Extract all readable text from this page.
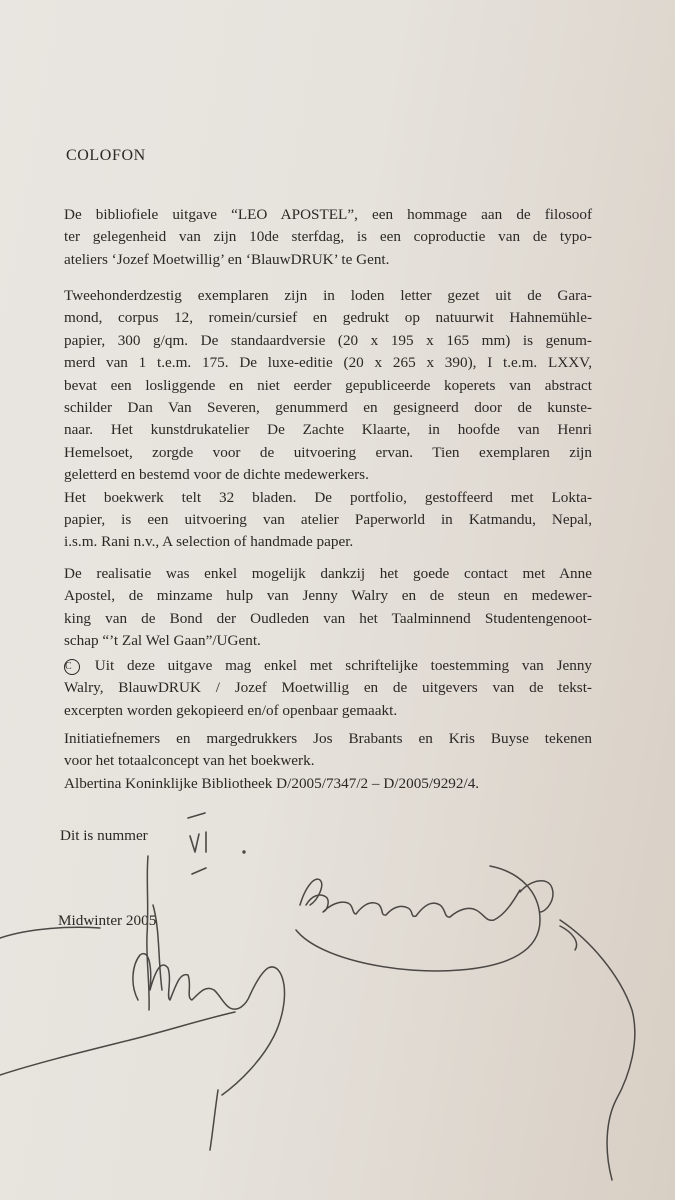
COLOFON
De bibliofiele uitgave “LEO APOSTEL”, een hommage aan de filosoof
ter gelegenheid van zijn 10de sterfdag, is een coproductie van de typo-
ateliers ‘Jozef Moetwillig’ en ‘BlauwDRUK’ te Gent.
Tweehonderdzestig exemplaren zijn in loden letter gezet uit de Gara-
mond, corpus 12, romein/cursief en gedrukt op natuurwit Hahnemühle-
papier, 300 g/qm. De standaardversie (20 x 195 x 165 mm) is genum-
merd van 1 t.e.m. 175. De luxe-editie (20 x 265 x 390), I t.e.m. LXXV,
bevat een losliggende en niet eerder gepubliceerde koperets van abstract
schilder Dan Van Severen, genummerd en gesigneerd door de kunste-
naar. Het kunstdrukatelier De Zachte Klaarte, in hoofde van Henri
Hemelsoet, zorgde voor de uitvoering ervan. Tien exemplaren zijn
geletterd en bestemd voor de dichte medewerkers.
Het boekwerk telt 32 bladen. De portfolio, gestoffeerd met Lokta-
papier, is een uitvoering van atelier Paperworld in Katmandu, Nepal,
i.s.m. Rani n.v., A selection of handmade paper.
De realisatie was enkel mogelijk dankzij het goede contact met Anne
Apostel, de minzame hulp van Jenny Walry en de steun en medewer-
king van de Bond der Oudleden van het Taalminnend Studentengenoot-
schap “’t Zal Wel Gaan”/UGent.
C Uit deze uitgave mag enkel met schriftelijke toestemming van Jenny
Walry, BlauwDRUK / Jozef Moetwillig en de uitgevers van de tekst-
excerpten worden gekopieerd en/of openbaar gemaakt.
Initiatiefnemers en margedrukkers Jos Brabants en Kris Buyse tekenen
voor het totaalconcept van het boekwerk.
Albertina Koninklijke Bibliotheek D/2005/7347/2 – D/2005/9292/4.
Dit is nummer
Midwinter 2005
